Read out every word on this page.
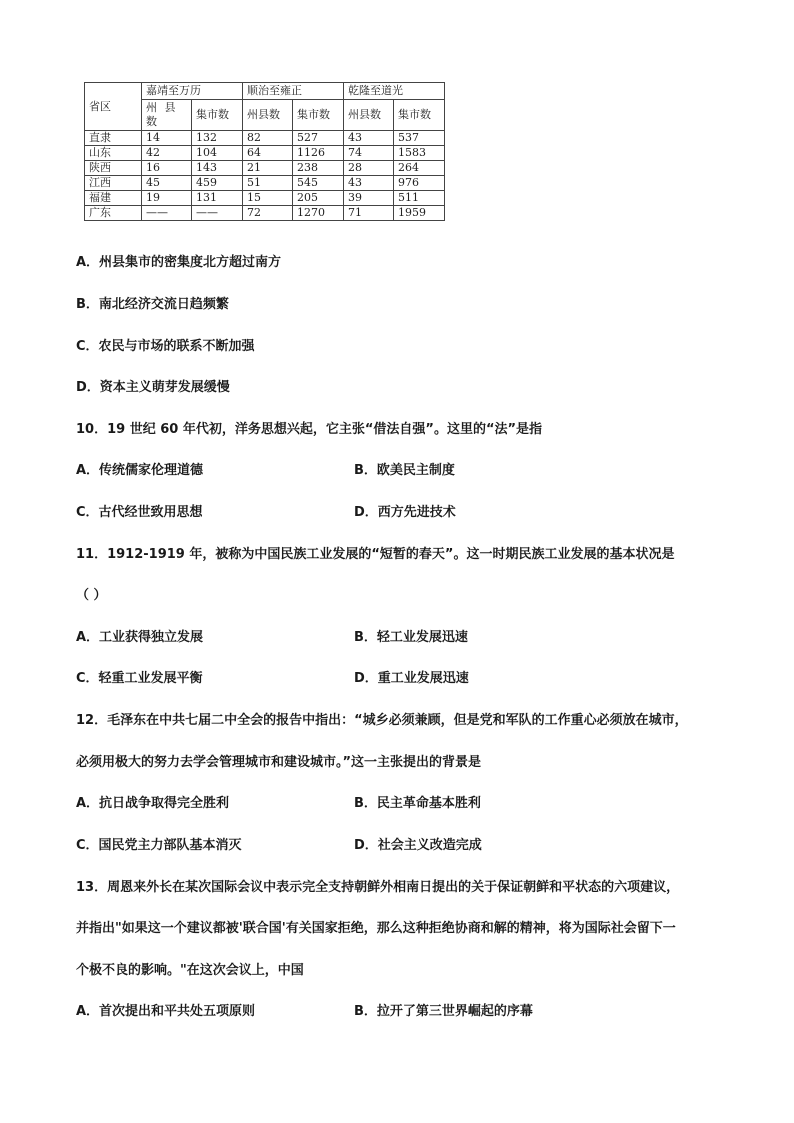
省区	嘉靖至万历		顺治至雍正		乾隆至道光	
	州 县 数	集市数	州县数	集市数	州县数	集市数
直隶	14	132	82	527	43	537
山东	42	104	64	1126	74	1583
陕西	16	143	21	238	28	264
江西	45	459	51	545	43	976
福建	19	131	15	205	39	511
广东	——	——	72	1270	71	1959
A．州县集市的密集度北方超过南方
B．南北经济交流日趋频繁
C．农民与市场的联系不断加强
D．资本主义萌芽发展缓慢
10．19 世纪 60 年代初，洋务思想兴起，它主张“借法自强”。这里的“法”是指
A．传统儒家伦理道德	B．欧美民主制度
C．古代经世致用思想	D．西方先进技术
11．1912-1919 年，被称为中国民族工业发展的“短暂的春天”。这一时期民族工业发展的基本状况是
（ ）
A．工业获得独立发展	B．轻工业发展迅速
C．轻重工业发展平衡	D．重工业发展迅速
12．毛泽东在中共七届二中全会的报告中指出：“城乡必须兼顾，但是党和军队的工作重心必须放在城市，
必须用极大的努力去学会管理城市和建设城市。”这一主张提出的背景是
A．抗日战争取得完全胜利	B．民主革命基本胜利
C．国民党主力部队基本消灭	D．社会主义改造完成
13．周恩来外长在某次国际会议中表示完全支持朝鲜外相南日提出的关于保证朝鲜和平状态的六项建议，
并指出"如果这一个建议都被'联合国'有关国家拒绝，那么这种拒绝协商和解的精神，将为国际社会留下一
个极不良的影响。"在这次会议上，中国
A．首次提出和平共处五项原则	B．拉开了第三世界崛起的序幕
